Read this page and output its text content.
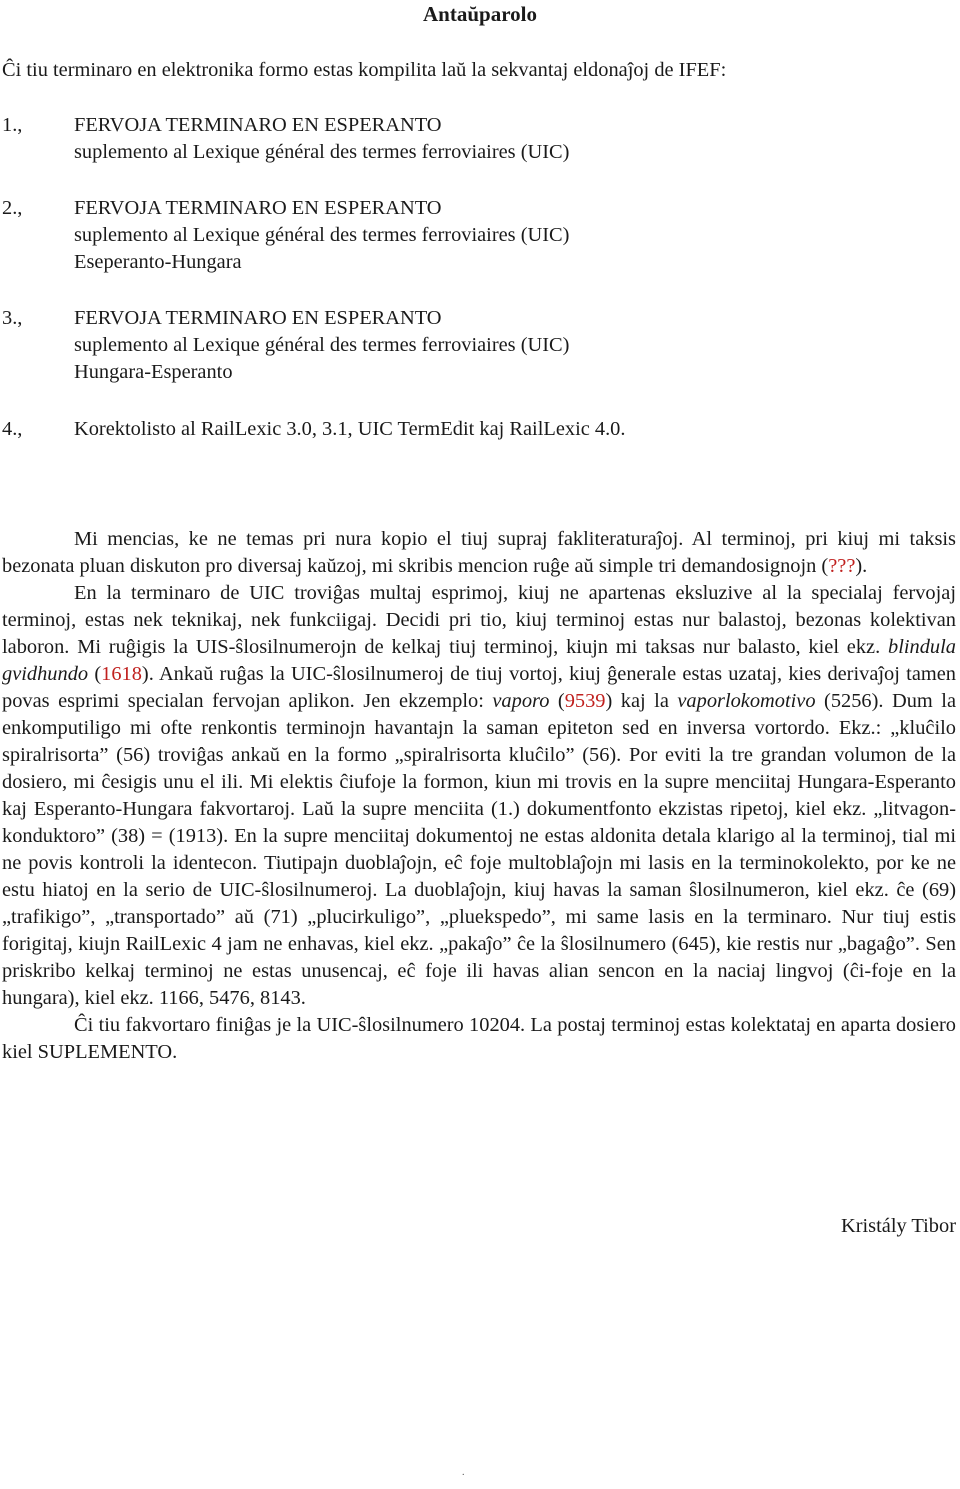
Antaŭparolo

Ĉi tiu terminaro en elektronika formo estas kompilita laŭ la sekvantaj eldonaĵoj de IFEF:

1.,	FERVOJA TERMINARO EN ESPERANTO
suplemento al Lexique général des termes ferroviaires (UIC)
2.,	FERVOJA TERMINARO EN ESPERANTO
suplemento al Lexique général des termes ferroviaires (UIC)
Eseperanto-Hungara
3.,	FERVOJA TERMINARO EN ESPERANTO
suplemento al Lexique général des termes ferroviaires (UIC)
Hungara-Esperanto
4.,	Korektolisto al RailLexic 3.0, 3.1, UIC TermEdit kaj RailLexic 4.0.

Mi mencias, ke ne temas pri nura kopio el tiuj supraj fakliteraturaĵoj. Al terminoj, pri kiuj mi taksis bezonata pluan diskuton pro diversaj kaŭzoj, mi skribis mencion ruĝe aŭ simple tri demandosignojn (???).

En la terminaro de UIC troviĝas multaj esprimoj, kiuj ne apartenas eksluzive al la specialaj fervojaj terminoj, estas nek teknikaj, nek funkciigaj. Decidi pri tio, kiuj terminoj estas nur balastoj, bezonas kolektivan laboron. Mi ruĝigis la UIS-ŝlosilnumerojn de kelkaj tiuj terminoj, kiujn mi taksas nur balasto, kiel ekz. blindula gvidhundo (1618). Ankaŭ ruĝas la UIC-ŝlosilnumeroj de tiuj vortoj, kiuj ĝenerale estas uzataj, kies derivaĵoj tamen povas esprimi specialan fervojan aplikon. Jen ekzemplo: vaporo (9539) kaj la vaporlokomotivo (5256). Dum la enkomputiligo mi ofte renkontis terminojn havantajn la saman epiteton sed en inversa vortordo. Ekz.: „kluĉilo spiralrisorta” (56) troviĝas ankaŭ en la formo „spiralrisorta kluĉilo” (56). Por eviti la tre grandan volumon de la dosiero, mi ĉesigis unu el ili. Mi elektis ĉiufoje la formon, kiun mi trovis en la supre menciitaj Hungara-Esperanto kaj Esperanto-Hungara fakvortaroj. Laŭ la supre menciita (1.) dokumentfonto ekzistas ripetoj, kiel ekz. „litvagon-konduktoro” (38) = (1913). En la supre menciitaj dokumentoj ne estas aldonita detala klarigo al la terminoj, tial mi ne povis kontroli la identecon. Tiutipajn duoblaĵojn, eĉ foje multoblaĵojn mi lasis en la terminokolekto, por ke ne estu hiatoj en la serio de UIC-ŝlosilnumeroj. La duoblaĵojn, kiuj havas la saman ŝlosilnumeron, kiel ekz. ĉe (69) „trafikigo”, „transportado” aŭ (71) „plucirkuligo”, „pluekspedo”, mi same lasis en la terminaro. Nur tiuj estis forigitaj, kiujn RailLexic 4 jam ne enhavas, kiel ekz. „pakaĵo” ĉe la ŝlosilnumero (645), kie restis nur „bagaĝo”. Sen priskribo kelkaj terminoj ne estas unusencaj, eĉ foje ili havas alian sencon en la naciaj lingvoj (ĉi-foje en la hungara), kiel ekz. 1166, 5476, 8143.

Ĉi tiu fakvortaro finiĝas je la UIC-ŝlosilnumero 10204. La postaj terminoj estas kolektataj en aparta dosiero kiel SUPLEMENTO.

Kristály Tibor

.
